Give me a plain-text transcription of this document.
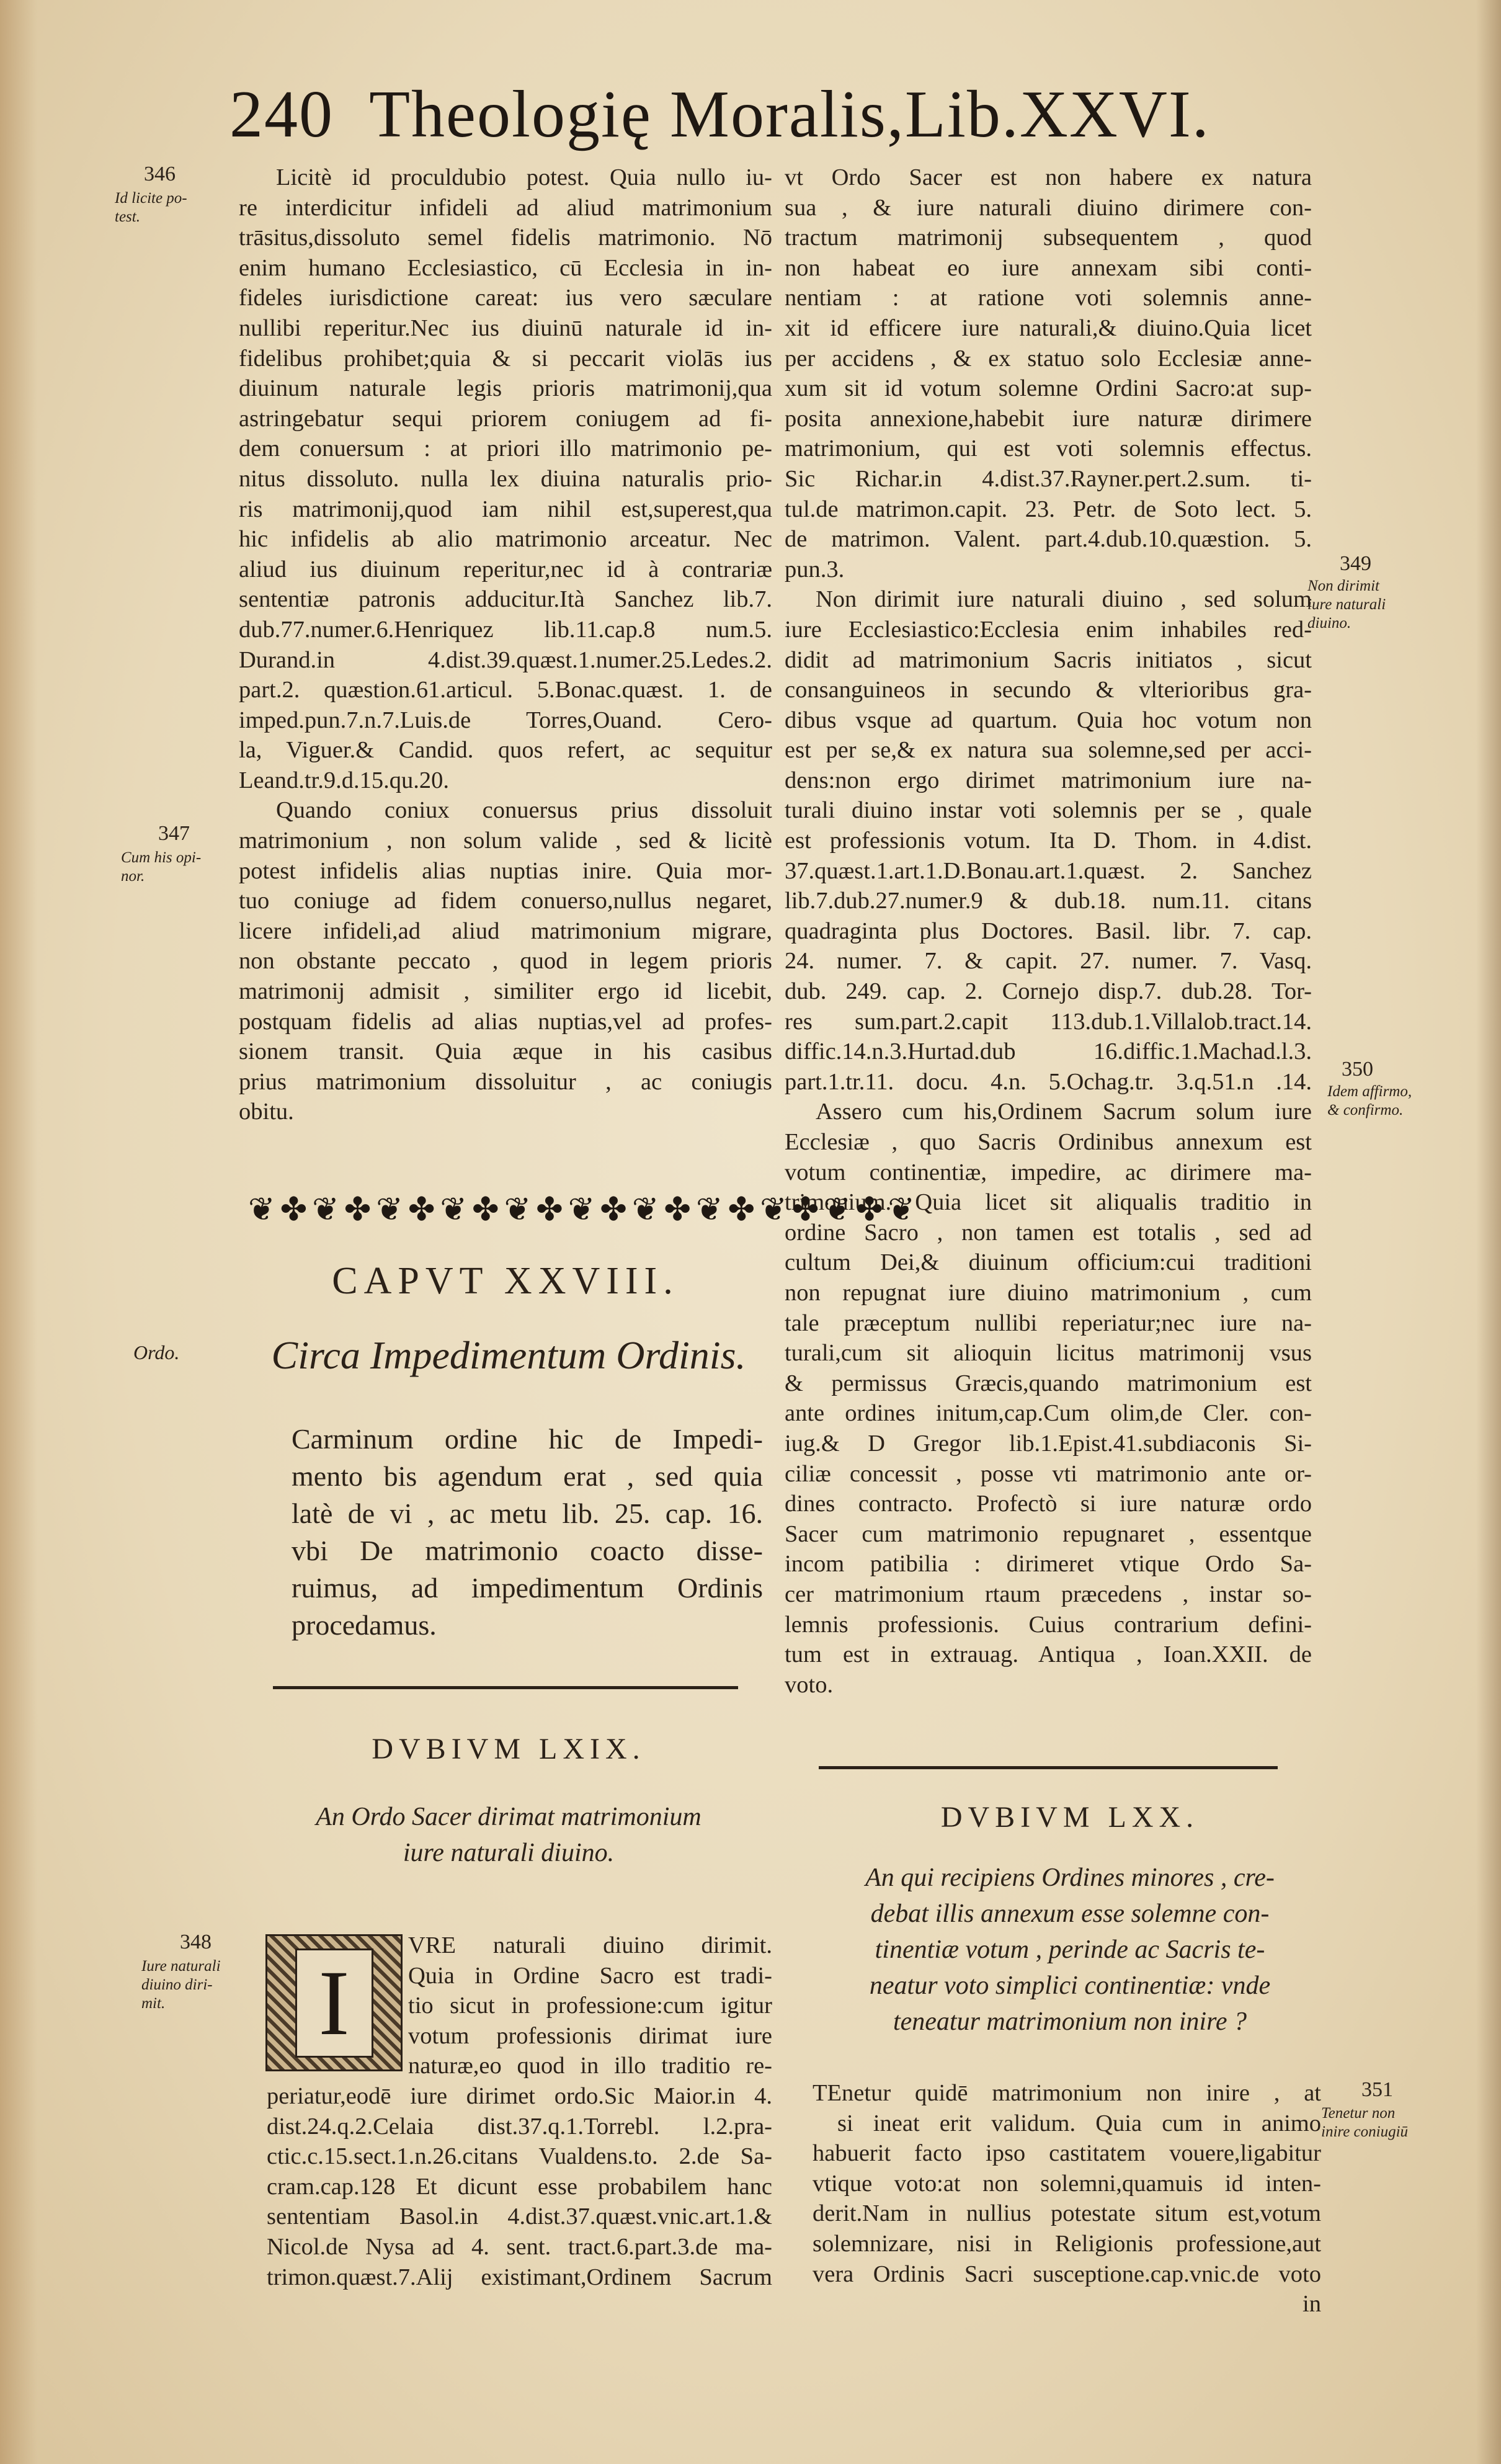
240 Theologię Moralis,Lib.XXVI.
346
Id licite po-
test.
347
Cum his opi-
nor.
Ordo.
348
Iure naturali
diuino diri-
mit.
349
Non dirimit
iure naturali
diuino.
350
Idem affirmo,
& confirmo.
351
Tenetur non
inire coniugiū
Licitè id proculdubio potest. Quia nullo iu-
re interdicitur infideli ad aliud matrimonium
trāsitus,dissoluto semel fidelis matrimonio. Nō
enim humano Ecclesiastico, cū Ecclesia in in-
fideles iurisdictione careat: ius vero sæculare
nullibi reperitur.Nec ius diuinū naturale id in-
fidelibus prohibet;quia & si peccarit violās ius
diuinum naturale legis prioris matrimonij,qua
astringebatur sequi priorem coniugem ad fi-
dem conuersum : at priori illo matrimonio pe-
nitus dissoluto. nulla lex diuina naturalis prio-
ris matrimonij,quod iam nihil est,superest,qua
hic infidelis ab alio matrimonio arceatur. Nec
aliud ius diuinum reperitur,nec id à contrariæ
sententiæ patronis adducitur.Ità Sanchez lib.7.
dub.77.numer.6.Henriquez lib.11.cap.8 num.5.
Durand.in 4.dist.39.quæst.1.numer.25.Ledes.2.
part.2. quæstion.61.articul. 5.Bonac.quæst. 1. de
imped.pun.7.n.7.Luis.de Torres,Ouand. Cero-
la, Viguer.& Candid. quos refert, ac sequitur
Leand.tr.9.d.15.qu.20.
Quando coniux conuersus prius dissoluit
matrimonium , non solum valide , sed & licitè
potest infidelis alias nuptias inire. Quia mor-
tuo coniuge ad fidem conuerso,nullus negaret,
licere infideli,ad aliud matrimonium migrare,
non obstante peccato , quod in legem prioris
matrimonij admisit , similiter ergo id licebit,
postquam fidelis ad alias nuptias,vel ad profes-
sionem transit. Quia æque in his casibus
prius matrimonium dissoluitur , ac coniugis
obitu.
vt Ordo Sacer est non habere ex natura
sua , & iure naturali diuino dirimere con-
tractum matrimonij subsequentem , quod
non habeat eo iure annexam sibi conti-
nentiam : at ratione voti solemnis anne-
xit id efficere iure naturali,& diuino.Quia licet
per accidens , & ex statuo solo Ecclesiæ anne-
xum sit id votum solemne Ordini Sacro:at sup-
posita annexione,habebit iure naturæ dirimere
matrimonium, qui est voti solemnis effectus.
Sic Richar.in 4.dist.37.Rayner.pert.2.sum. ti-
tul.de matrimon.capit. 23. Petr. de Soto lect. 5.
de matrimon. Valent. part.4.dub.10.quæstion. 5.
pun.3.
Non dirimit iure naturali diuino , sed solum
iure Ecclesiastico:Ecclesia enim inhabiles red-
didit ad matrimonium Sacris initiatos , sicut
consanguineos in secundo & vlterioribus gra-
dibus vsque ad quartum. Quia hoc votum non
est per se,& ex natura sua solemne,sed per acci-
dens:non ergo dirimet matrimonium iure na-
turali diuino instar voti solemnis per se , quale
est professionis votum. Ita D. Thom. in 4.dist.
37.quæst.1.art.1.D.Bonau.art.1.quæst. 2. Sanchez
lib.7.dub.27.numer.9 & dub.18. num.11. citans
quadraginta plus Doctores. Basil. libr. 7. cap.
24. numer. 7. & capit. 27. numer. 7. Vasq.
dub. 249. cap. 2. Cornejo disp.7. dub.28. Tor-
res sum.part.2.capit 113.dub.1.Villalob.tract.14.
diffic.14.n.3.Hurtad.dub 16.diffic.1.Machad.l.3.
part.1.tr.11. docu. 4.n. 5.Ochag.tr. 3.q.51.n .14.
Assero cum his,Ordinem Sacrum solum iure
Ecclesiæ , quo Sacris Ordinibus annexum est
votum continentiæ, impedire, ac dirimere ma-
trimonium. Quia licet sit aliqualis traditio in
ordine Sacro , non tamen est totalis , sed ad
cultum Dei,& diuinum officium:cui traditioni
non repugnat iure diuino matrimonium , cum
tale præceptum nullibi reperiatur;nec iure na-
turali,cum sit alioquin licitus matrimonij vsus
& permissus Græcis,quando matrimonium est
ante ordines initum,cap.Cum olim,de Cler. con-
iug.& D Gregor lib.1.Epist.41.subdiaconis Si-
ciliæ concessit , posse vti matrimonio ante or-
dines contracto. Profectò si iure naturæ ordo
Sacer cum matrimonio repugnaret , essentque
incom patibilia : dirimeret vtique Ordo Sa-
cer matrimonium rtaum præcedens , instar so-
lemnis professionis. Cuius contrarium defini-
tum est in extrauag. Antiqua , Ioan.XXII. de
voto.
❦✤❦✤❦✤❦✤❦✤❦✤❦✤❦✤❦✤❦✤❦
CAPVT XXVIII.
Circa Impedimentum Ordinis.
Carminum ordine hic de Impedi-
mento bis agendum erat , sed quia
latè de vi , ac metu lib. 25. cap. 16.
vbi De matrimonio coacto disse-
ruimus, ad impedimentum Ordinis
procedamus.
DVBIVM LXIX.
An Ordo Sacer dirimat matrimonium
iure naturali diuino.
I
VRE naturali diuino dirimit.
Quia in Ordine Sacro est tradi-
tio sicut in professione:cum igitur
votum professionis dirimat iure
naturæ,eo quod in illo traditio re-
periatur,eodē iure dirimet ordo.Sic Maior.in 4.
dist.24.q.2.Celaia dist.37.q.1.Torrebl. l.2.pra-
ctic.c.15.sect.1.n.26.citans Vualdens.to. 2.de Sa-
cram.cap.128 Et dicunt esse probabilem hanc
sententiam Basol.in 4.dist.37.quæst.vnic.art.1.&
Nicol.de Nysa ad 4. sent. tract.6.part.3.de ma-
trimon.quæst.7.Alij existimant,Ordinem Sacrum
DVBIVM LXX.
An qui recipiens Ordines minores , cre-
debat illis annexum esse solemne con-
tinentiæ votum , perinde ac Sacris te-
neatur voto simplici continentiæ: vnde
teneatur matrimonium non inire ?
TEnetur quidē matrimonium non inire , at
si ineat erit validum. Quia cum in animo
habuerit facto ipso castitatem vouere,ligabitur
vtique voto:at non solemni,quamuis id inten-
derit.Nam in nullius potestate situm est,votum
solemnizare, nisi in Religionis professione,aut
vera Ordinis Sacri susceptione.cap.vnic.de voto
in
